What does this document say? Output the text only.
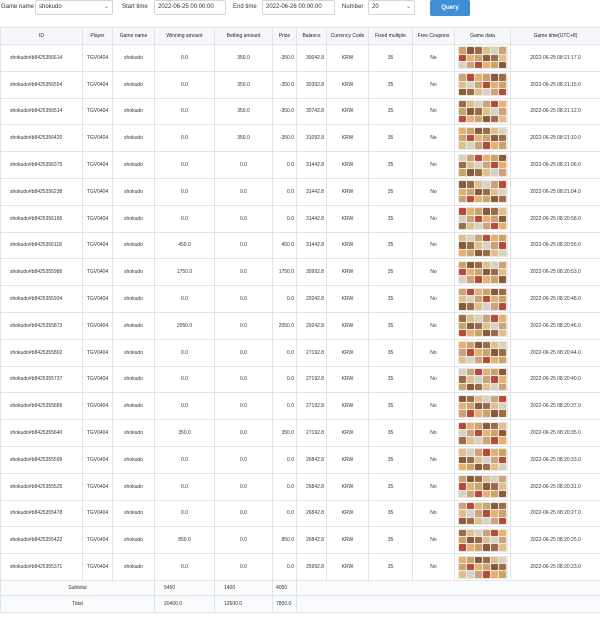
Game name shokudo	⌄ Start time	2022-06-25 00:00:00	End time	2022-06-26 00:00:00	Number	20	⌄	Query
ID	Player	Game name	Winning amount	Betting amount	Prize	Balance	Currency Code	Fixed multiple	Free Coupons	Game data	Game time(UTC+8)
shokudo#b8425356614	TGV0404	shokudo	0.0	350.0	-350.0	30042.8	KRW	35	No		2022-06-25 08:21:17.0
shokudo#b8425356554	TGV0404	shokudo	0.0	350.0	-350.0	30392.8	KRW	35	No		2022-06-25 08:21:15.0
shokudo#b8425356514	TGV0404	shokudo	0.0	350.0	-350.0	30742.8	KRW	35	No		2022-06-25 08:21:12.0
shokudo#b8425356420	TGV0404	shokudo	0.0	350.0	-350.0	31092.8	KRW	35	No		2022-06-25 08:21:10.0
shokudo#b8425356375	TGV0404	shokudo	0.0	0.0	0.0	31442.8	KRW	35	No		2022-06-25 08:21:06.0
shokudo#b8425356238	TGV0404	shokudo	0.0	0.0	0.0	31442.8	KRW	35	No		2022-06-25 08:21:04.0
shokudo#b8425356165	TGV0404	shokudo	0.0	0.0	0.0	31442.8	KRW	35	No		2022-06-25 08:20:58.0
shokudo#b8425356118	TGV0404	shokudo	450.0	0.0	450.0	31442.8	KRW	35	No		2022-06-25 08:20:55.0
shokudo#b8425355986	TGV0404	shokudo	1750.0	0.0	1750.0	30992.8	KRW	35	No		2022-06-25 08:20:53.0
shokudo#b8425355934	TGV0404	shokudo	0.0	0.0	0.0	29242.8	KRW	35	No		2022-06-25 08:20:48.0
shokudo#b8425355873	TGV0404	shokudo	2050.0	0.0	2050.0	29242.8	KRW	35	No		2022-06-25 08:20:46.0
shokudo#b8425355802	TGV0404	shokudo	0.0	0.0	0.0	27192.8	KRW	35	No		2022-06-25 08:20:44.0
shokudo#b8425355737	TGV0404	shokudo	0.0	0.0	0.0	27192.8	KRW	35	No		2022-06-25 08:20:40.0
shokudo#b8425355689	TGV0404	shokudo	0.0	0.0	0.0	27192.8	KRW	35	No		2022-06-25 08:20:37.0
shokudo#b8425355640	TGV0404	shokudo	350.0	0.0	350.0	27192.8	KRW	35	No		2022-06-25 08:20:35.0
shokudo#b8425355599	TGV0404	shokudo	0.0	0.0	0.0	26842.8	KRW	35	No		2022-06-25 08:20:33.0
shokudo#b8425355525	TGV0404	shokudo	0.0	0.0	0.0	26842.8	KRW	35	No		2022-06-25 08:20:31.0
shokudo#b8425355478	TGV0404	shokudo	0.0	0.0	0.0	26842.8	KRW	35	No		2022-06-25 08:20:27.0
shokudo#b8425355422	TGV0404	shokudo	850.0	0.0	850.0	26842.8	KRW	35	No		2022-06-25 08:20:25.0
shokudo#b8425355371	TGV0404	shokudo	0.0	0.0	0.0	25992.8	KRW	35	No		2022-06-25 08:20:23.0
Subtotal			5450	1400	4050						
Total			20400.0	12600.0	7800.0						
